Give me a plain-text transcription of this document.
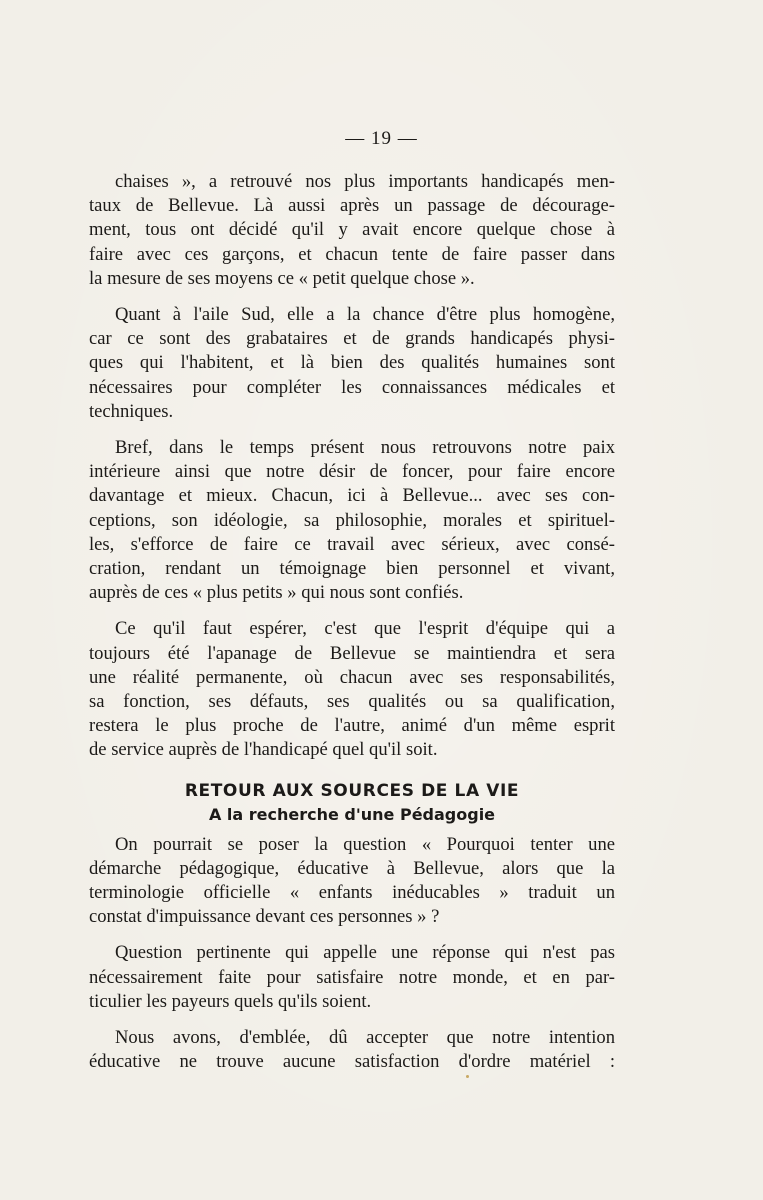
— 19 —

chaises », a retrouvé nos plus importants handicapés men-
taux de Bellevue. Là aussi après un passage de décourage-
ment, tous ont décidé qu'il y avait encore quelque chose à
faire avec ces garçons, et chacun tente de faire passer dans
la mesure de ses moyens ce « petit quelque chose ».

Quant à l'aile Sud, elle a la chance d'être plus homogène,
car ce sont des grabataires et de grands handicapés physi-
ques qui l'habitent, et là bien des qualités humaines sont
nécessaires pour compléter les connaissances médicales et
techniques.

Bref, dans le temps présent nous retrouvons notre paix
intérieure ainsi que notre désir de foncer, pour faire encore
davantage et mieux. Chacun, ici à Bellevue... avec ses con-
ceptions, son idéologie, sa philosophie, morales et spirituel-
les, s'efforce de faire ce travail avec sérieux, avec consé-
cration, rendant un témoignage bien personnel et vivant,
auprès de ces « plus petits » qui nous sont confiés.

Ce qu'il faut espérer, c'est que l'esprit d'équipe qui a
toujours été l'apanage de Bellevue se maintiendra et sera
une réalité permanente, où chacun avec ses responsabilités,
sa fonction, ses défauts, ses qualités ou sa qualification,
restera le plus proche de l'autre, animé d'un même esprit
de service auprès de l'handicapé quel qu'il soit.

RETOUR AUX SOURCES DE LA VIE
A la recherche d'une Pédagogie

On pourrait se poser la question « Pourquoi tenter une
démarche pédagogique, éducative à Bellevue, alors que la
terminologie officielle « enfants inéducables » traduit un
constat d'impuissance devant ces personnes » ?

Question pertinente qui appelle une réponse qui n'est pas
nécessairement faite pour satisfaire notre monde, et en par-
ticulier les payeurs quels qu'ils soient.

Nous avons, d'emblée, dû accepter que notre intention
éducative ne trouve aucune satisfaction d'ordre matériel :
